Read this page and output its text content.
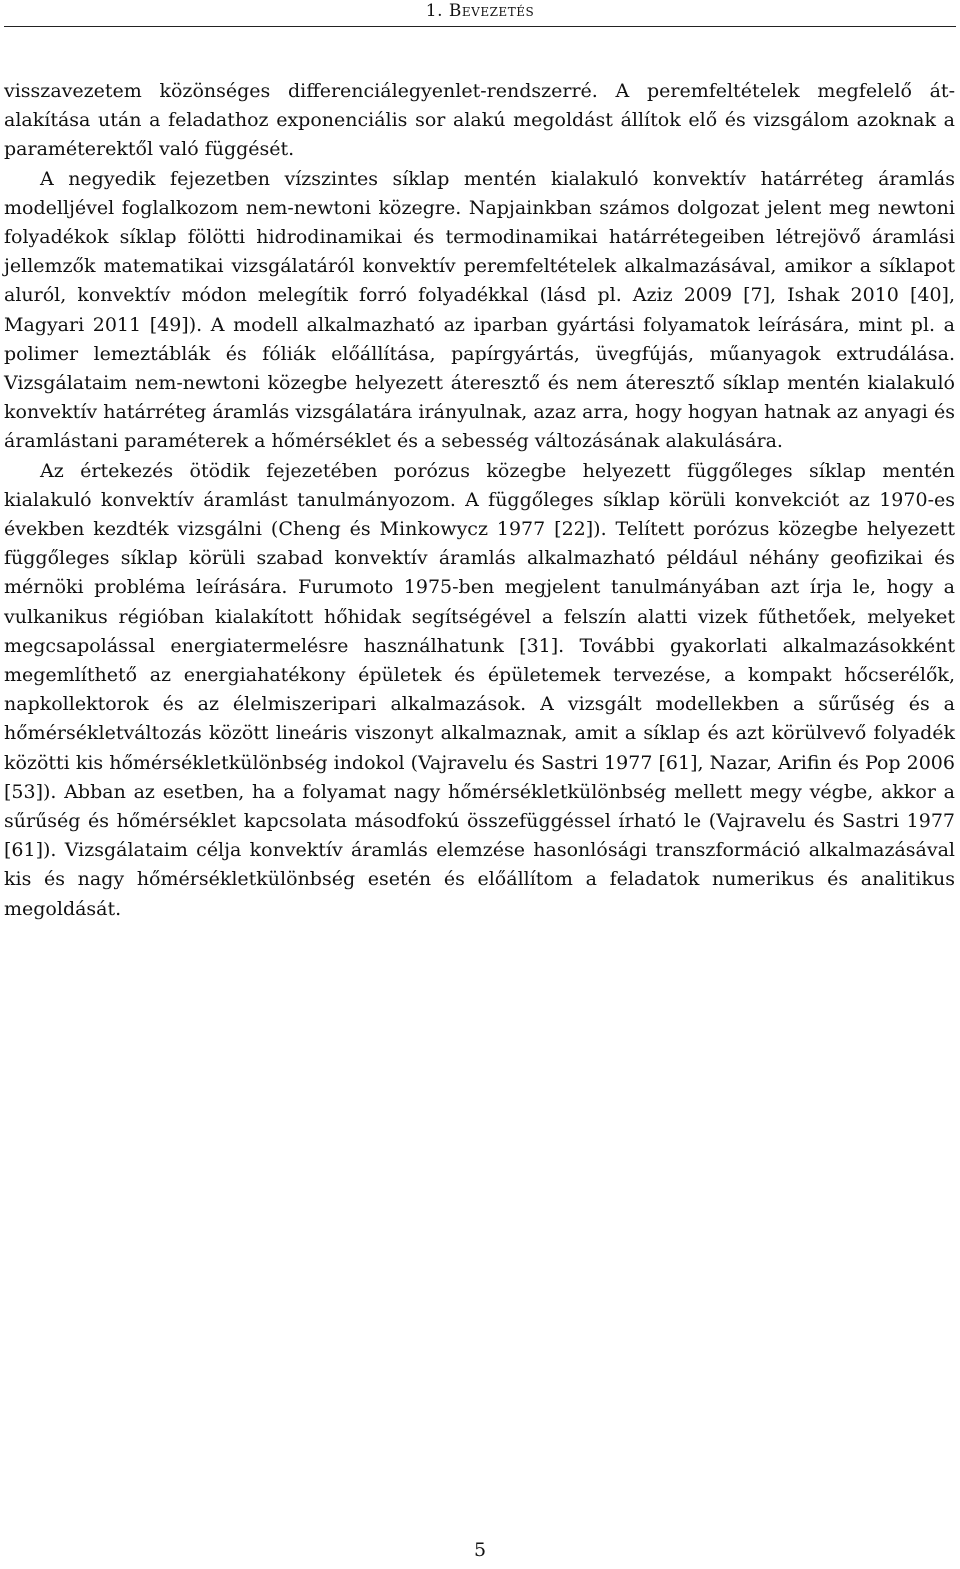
1. Bevezetés

visszavezetem közönséges differenciálegyenlet-rendszerré. A peremfeltételek megfelelő átalakítása után a feladathoz exponenciális sor alakú megoldást állítok elő és vizsgálom azoknak a paraméterektől való függését.

A negyedik fejezetben vízszintes síklap mentén kialakuló konvektív határréteg áramlás modelljével foglalkozom nem-newtoni közegre. Napjainkban számos dolgozat jelent meg newtoni folyadékok síklap fölötti hidrodinamikai és termodinamikai határrétegeiben létrejövő áramlási jellemzők matematikai vizsgálatáról konvektív peremfeltételek alkalmazásával, amikor a síklapot aluról, konvektív módon melegítik forró folyadékkal (lásd pl. Aziz 2009 [7], Ishak 2010 [40], Magyari 2011 [49]). A modell alkalmazható az iparban gyártási folyamatok leírására, mint pl. a polimer lemeztáblák és fóliák előállítása, papírgyártás, üvegfújás, műanyagok extrudálása. Vizsgálataim nem-newtoni közegbe helyezett áteresztő és nem áteresztő síklap mentén kialakuló konvektív határréteg áramlás vizsgálatára irányulnak, azaz arra, hogy hogyan hatnak az anyagi és áramlástani paraméterek a hőmérséklet és a sebesség változásának alakulására.

Az értekezés ötödik fejezetében porózus közegbe helyezett függőleges síklap mentén kialakuló konvektív áramlást tanulmányozom. A függőleges síklap körüli konvekciót az 1970-es években kezdték vizsgálni (Cheng és Minkowycz 1977 [22]). Telített porózus közegbe helyezett függőleges síklap körüli szabad konvektív áramlás alkalmazható például néhány geofizikai és mérnöki probléma leírására. Furumoto 1975-ben megjelent tanulmányában azt írja le, hogy a vulkanikus régióban kialakított hőhidak segítségével a felszín alatti vizek fűthetőek, melyeket megcsapolással energiatermelésre használhatunk [31]. További gyakorlati alkalmazásokként megemlíthető az energiahatékony épületek és épületemek tervezése, a kompakt hőcserélők, napkollektorok és az élelmiszeripari alkalmazások. A vizsgált modellekben a sűrűség és a hőmérsékletváltozás között lineáris viszonyt alkalmaznak, amit a síklap és azt körülvevő folyadék közötti kis hőmérsékletkülönbség indokol (Vajravelu és Sastri 1977 [61], Nazar, Arifin és Pop 2006 [53]). Abban az esetben, ha a folyamat nagy hőmérsékletkülönbség mellett megy végbe, akkor a sűrűség és hőmérséklet kapcsolata másodfokú összefüggéssel írható le (Vajravelu és Sastri 1977 [61]). Vizsgálataim célja konvektív áramlás elemzése hasonlósági transzformáció alkalmazásával kis és nagy hőmérsékletkülönbség esetén és előállítom a feladatok numerikus és analitikus megoldását.

5
